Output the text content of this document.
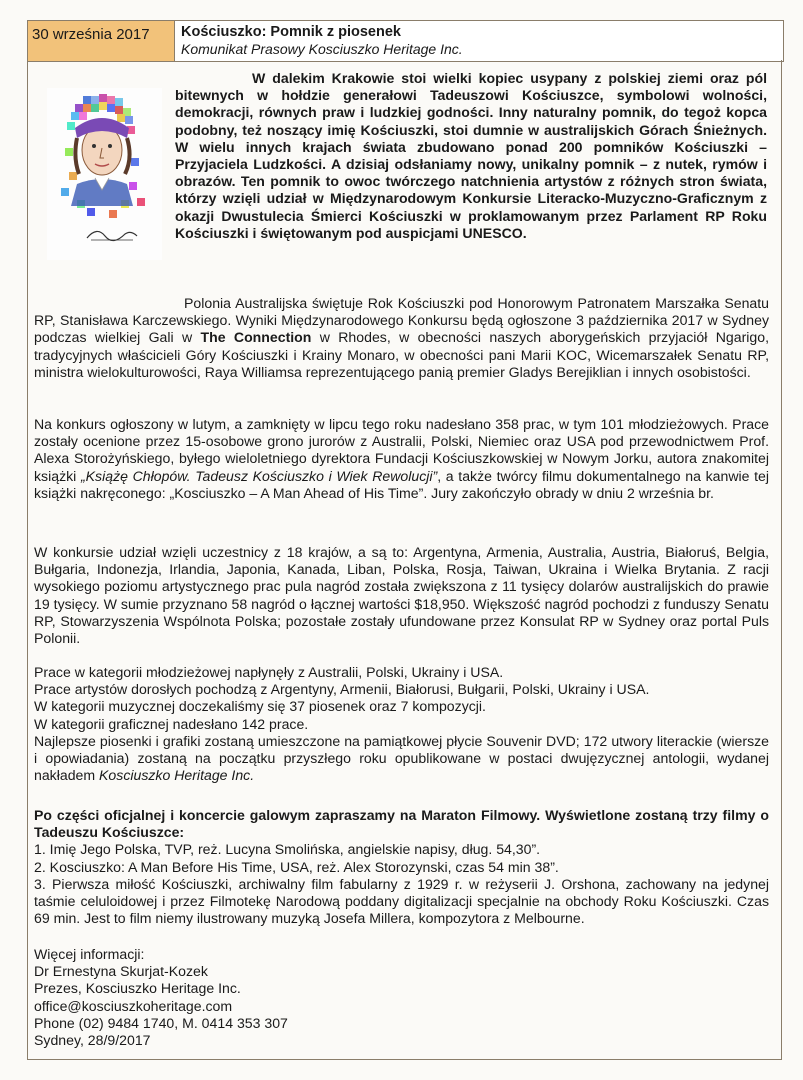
30 września 2017	Kościuszko: Pomnik z piosenek
Komunikat Prasowy Kosciuszko Heritage Inc.
W dalekim Krakowie stoi wielki kopiec usypany z polskiej ziemi oraz pól bitewnych w hołdzie generałowi Tadeuszowi Kościuszce, symbolowi wolności, demokracji, równych praw i ludzkiej godności. Inny naturalny pomnik, do tegoż kopca podobny, też noszący imię Kościuszki, stoi dumnie w australijskich Górach Śnieżnych. W wielu innych krajach świata zbudowano ponad 200 pomników Kościuszki – Przyjaciela Ludzkości. A dzisiaj odsłaniamy nowy, unikalny pomnik – z nutek, rymów i obrazów. Ten pomnik to owoc twórczego natchnienia artystów z różnych stron świata, którzy wzięli udział w Międzynarodowym Konkursie Literacko-Muzyczno-Graficznym z okazji Dwustulecia Śmierci Kościuszki w proklamowanym przez Parlament RP Roku Kościuszki i świętowanym pod auspicjami UNESCO.
Polonia Australijska świętuje Rok Kościuszki pod Honorowym Patronatem Marszałka Senatu RP, Stanisława Karczewskiego. Wyniki Międzynarodowego Konkursu będą ogłoszone 3 października 2017 w Sydney podczas wielkiej Gali w The Connection w Rhodes, w obecności naszych aborygeńskich przyjaciół Ngarigo, tradycyjnych właścicieli Góry Kościuszki i Krainy Monaro, w obecności pani Marii KOC, Wicemarszałek Senatu RP, ministra wielokulturowości, Raya Williamsa reprezentującego panią premier Gladys Berejiklian i innych osobistości.
Na konkurs ogłoszony w lutym, a zamknięty w lipcu tego roku nadesłano 358 prac, w tym 101 młodzieżowych. Prace zostały ocenione przez 15-osobowe grono jurorów z Australii, Polski, Niemiec oraz USA pod przewodnictwem Prof. Alexa Storożyńskiego, byłego wieloletniego dyrektora Fundacji Kościuszkowskiej w Nowym Jorku, autora znakomitej książki „Książę Chłopów. Tadeusz Kościuszko i Wiek Rewolucji”, a także twórcy filmu dokumentalnego na kanwie tej książki nakręconego: „Kosciuszko – A Man Ahead of His Time”. Jury zakończyło obrady w dniu 2 września br.
W konkursie udział wzięli uczestnicy z 18 krajów, a są to: Argentyna, Armenia, Australia, Austria, Białoruś, Belgia, Bułgaria, Indonezja, Irlandia, Japonia, Kanada, Liban, Polska, Rosja, Taiwan, Ukraina i Wielka Brytania. Z racji wysokiego poziomu artystycznego prac pula nagród została zwiększona z 11 tysięcy dolarów australijskich do prawie 19 tysięcy. W sumie przyznano 58 nagród o łącznej wartości $18,950. Większość nagród pochodzi z funduszy Senatu RP, Stowarzyszenia Wspólnota Polska; pozostałe zostały ufundowane przez Konsulat RP w Sydney oraz portal Puls Polonii.
Prace w kategorii młodzieżowej napłynęły z Australii, Polski, Ukrainy i USA.
Prace artystów dorosłych pochodzą z Argentyny, Armenii, Białorusi, Bułgarii, Polski, Ukrainy i USA.
W kategorii muzycznej doczekaliśmy się 37 piosenek oraz 7 kompozycji.
W kategorii graficznej nadesłano 142 prace.
Najlepsze piosenki i grafiki zostaną umieszczone na pamiątkowej płycie Souvenir DVD; 172 utwory literackie (wiersze i opowiadania) zostaną na początku przyszłego roku opublikowane w postaci dwujęzycznej antologii, wydanej nakładem Kosciuszko Heritage Inc.
Po części oficjalnej i koncercie galowym zapraszamy na Maraton Filmowy. Wyświetlone zostaną trzy filmy o Tadeuszu Kościuszce:
1. Imię Jego Polska, TVP, reż. Lucyna Smolińska, angielskie napisy, dług. 54,30”.
2. Kosciuszko: A Man Before His Time, USA, reż. Alex Storozynski, czas 54 min 38”.
3. Pierwsza miłość Kościuszki, archiwalny film fabularny z 1929 r. w reżyserii J. Orshona, zachowany na jedynej taśmie celuloidowej i przez Filmotekę Narodową poddany digitalizacji specjalnie na obchody Roku Kościuszki. Czas 69 min. Jest to film niemy ilustrowany muzyką Josefa Millera, kompozytora z Melbourne.
Więcej informacji:
Dr Ernestyna Skurjat-Kozek
Prezes, Kosciuszko Heritage Inc.
office@kosciuszkoheritage.com
Phone (02) 9484 1740, M. 0414 353 307
Sydney, 28/9/2017
